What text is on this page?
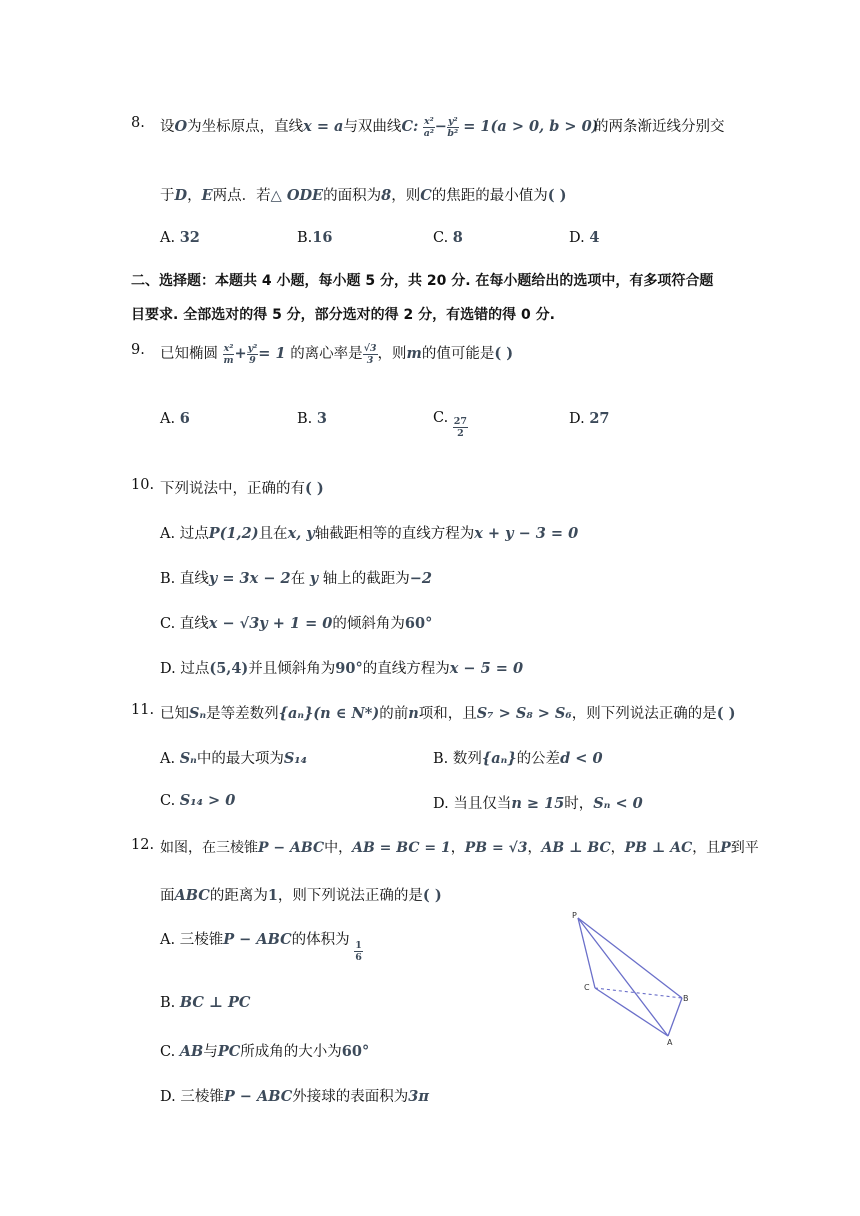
8. 设O为坐标原点，直线x = a与双曲线C: $\frac{\text{x²}}{\text{a²}} - \frac{\text{y²}}{\text{b²}} = 1(a > 0$, b > 0)
的两条渐近线分别交
于D，E两点．若△ ODE的面积为8，则C的焦距的最小值为( )
A. 32	B.16	C. 8	D. 4
二、选择题：本题共 4 小题，每小题 5 分，共 20 分. 在每小题给出的选项中，有多项符合题
目要求. 全部选对的得 5 分，部分选对的得 2 分，有选错的得 0 分.
9. 已知椭圆 $\frac{\text{x²}}{m} + \frac{\text{y²}}{9} = 1$ 的离心率是 $\frac{√3}{3}$ ，则m的值可能是( )
A. 6	B. 3	C. $\frac{27}{2}$	D. 27
10. 下列说法中，正确的有( )
A. 过点P(1,2)且在x, y轴截距相等的直线方程为x + y − 3 = 0
B. 直线y = 3x − 2在 y 轴上的截距为−2
C. 直线x − √3y + 1 = 0的倾斜角为60°
D. 过点(5,4)并且倾斜角为90°的直线方程为x − 5 = 0
11. 已知Sₙ是等差数列{aₙ}(n ∈ N*)的前n项和，且S₇ > S₈ > S₆，则下列说法正确的是( )
A. Sₙ中的最大项为S₁₄	B. 数列{aₙ}的公差d < 0
C. S₁₄ > 0	D. 当且仅当n ≥ 15时，Sₙ < 0
12. 如图，在三棱锥P − ABC中，AB = BC = 1，PB = √3，AB ⊥ BC，PB ⊥ AC，且P到平
面ABC的距离为1，则下列说法正确的是( )
A. 三棱锥P − ABC的体积为 $\frac{1}{6}$
B. BC ⊥ PC
C. AB与PC所成角的大小为60°
D. 三棱锥P − ABC外接球的表面积为3π
P
C
B
A
